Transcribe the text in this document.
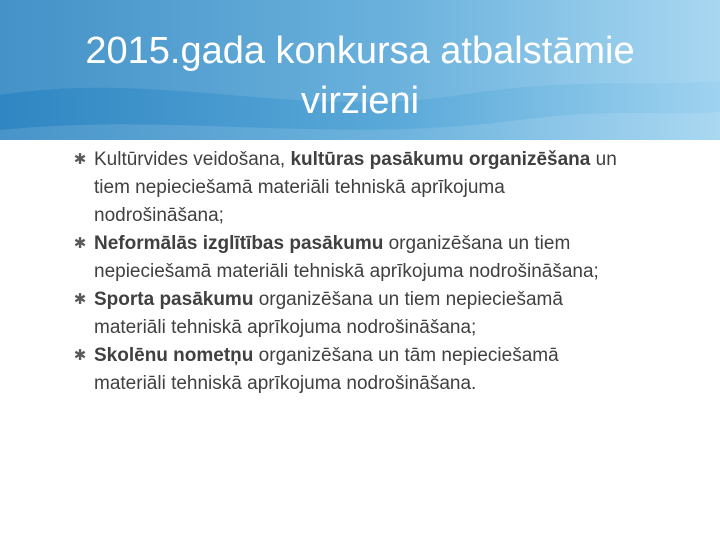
2015.gada konkursa atbalstāmie virzieni

✱ Kultūrvides veidošana, kultūras pasākumu organizēšana un tiem nepieciešamā materiāli tehniskā aprīkojuma nodrošināšana;

✱ Neformālās izglītības pasākumu organizēšana un tiem nepieciešamā materiāli tehniskā aprīkojuma nodrošināšana;

✱ Sporta pasākumu organizēšana un tiem nepieciešamā materiāli tehniskā aprīkojuma nodrošināšana;

✱ Skolēnu nometņu organizēšana un tām nepieciešamā materiāli tehniskā aprīkojuma nodrošināšana.
